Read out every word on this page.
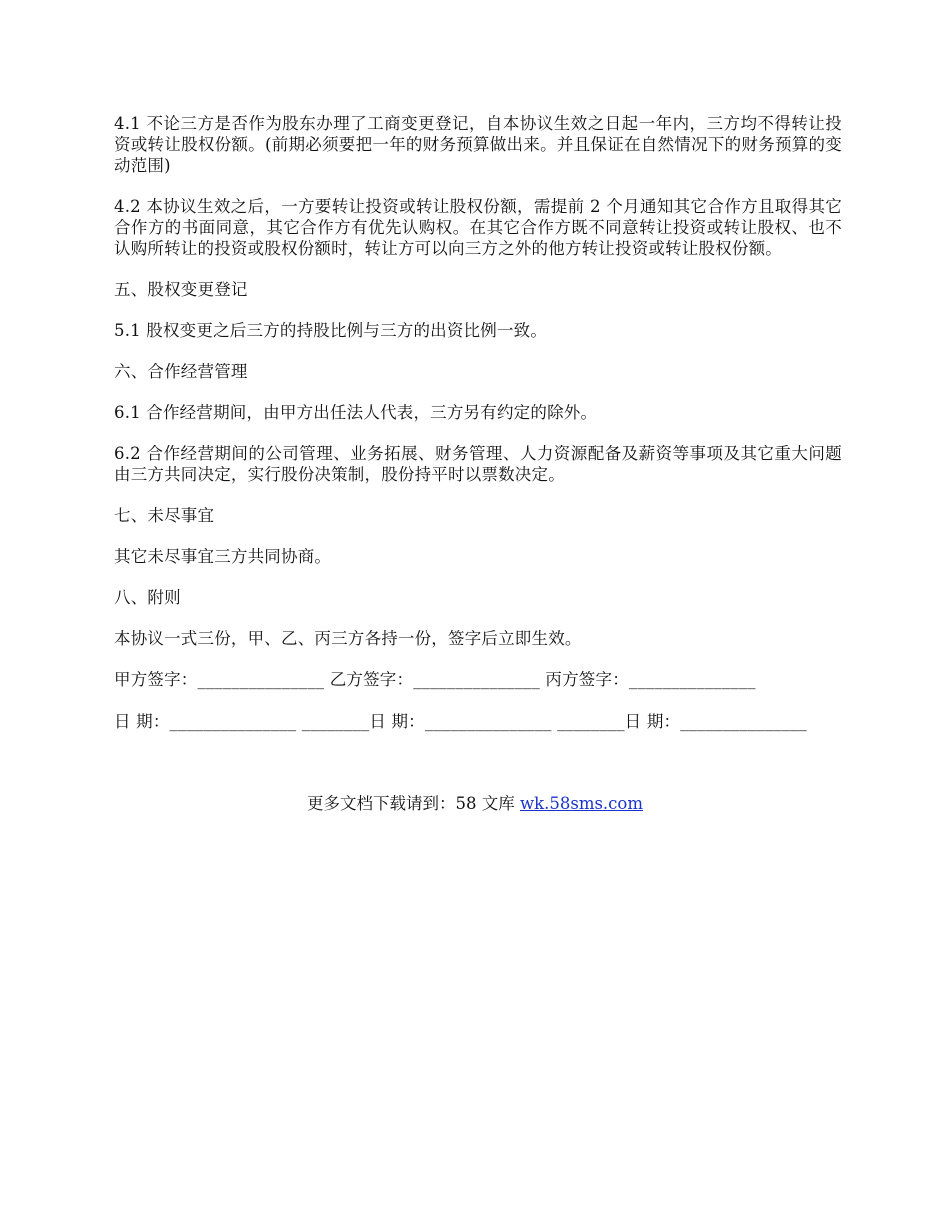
4.1 不论三方是否作为股东办理了工商变更登记，自本协议生效之日起一年内，三方均不得转让投资或转让股权份额。(前期必须要把一年的财务预算做出来。并且保证在自然情况下的财务预算的变动范围)

4.2 本协议生效之后，一方要转让投资或转让股权份额，需提前 2 个月通知其它合作方且取得其它合作方的书面同意，其它合作方有优先认购权。在其它合作方既不同意转让投资或转让股权、也不认购所转让的投资或股权份额时，转让方可以向三方之外的他方转让投资或转让股权份额。

五、股权变更登记

5.1 股权变更之后三方的持股比例与三方的出资比例一致。

六、合作经营管理

6.1 合作经营期间，由甲方出任法人代表，三方另有约定的除外。

6.2 合作经营期间的公司管理、业务拓展、财务管理、人力资源配备及薪资等事项及其它重大问题由三方共同决定，实行股份决策制，股份持平时以票数决定。

七、未尽事宜

其它未尽事宜三方共同协商。

八、附则

本协议一式三份，甲、乙、丙三方各持一份，签字后立即生效。

甲方签字：_______________ 乙方签字：_______________ 丙方签字：_______________

日 期：_______________ ________日 期：_______________ ________日 期：_______________

更多文档下载请到：58 文库 wk.58sms.com
